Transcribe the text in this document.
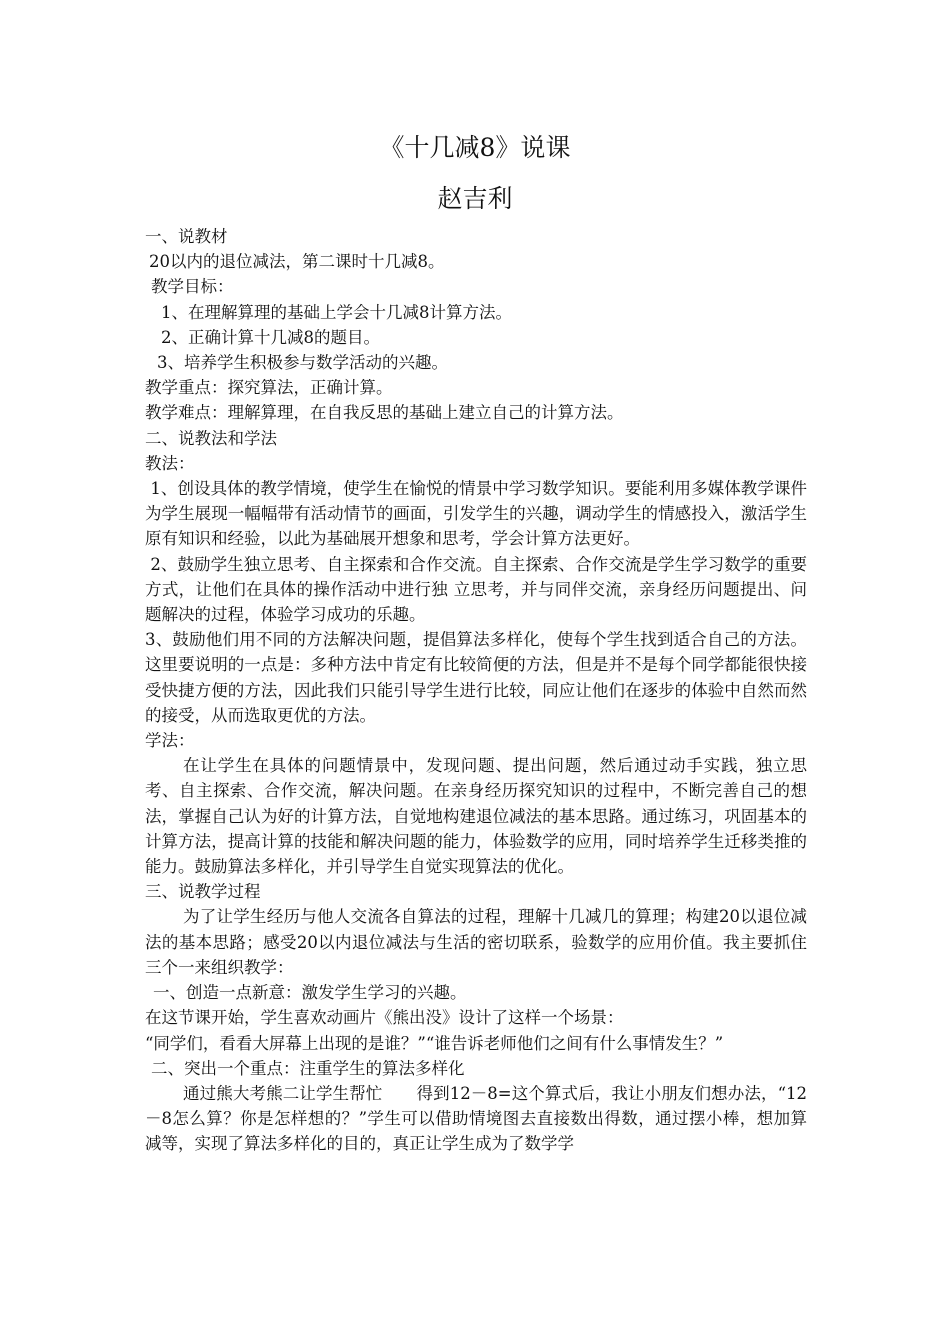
《十几减8》说课
赵吉利

一、说教材

20以内的退位减法，第二课时十几减8。

教学目标：

1、在理解算理的基础上学会十几减8计算方法。

2、正确计算十几减8的题目。

3、培养学生积极参与数学活动的兴趣。

教学重点：探究算法，正确计算。

教学难点：理解算理，在自我反思的基础上建立自己的计算方法。

二、说教法和学法

教法：

1、创设具体的教学情境，使学生在愉悦的情景中学习数学知识。要能利用多媒体教学课件为学生展现一幅幅带有活动情节的画面，引发学生的兴趣，调动学生的情感投入，激活学生原有知识和经验，以此为基础展开想象和思考，学会计算方法更好。

2、鼓励学生独立思考、自主探索和合作交流。自主探索、合作交流是学生学习数学的重要方式，让他们在具体的操作活动中进行独 立思考，并与同伴交流，亲身经历问题提出、问题解决的过程，体验学习成功的乐趣。

3、鼓励他们用不同的方法解决问题，提倡算法多样化，使每个学生找到适合自己的方法。这里要说明的一点是：多种方法中肯定有比较简便的方法，但是并不是每个同学都能很快接受快捷方便的方法，因此我们只能引导学生进行比较，同应让他们在逐步的体验中自然而然的接受，从而选取更优的方法。

学法：

在让学生在具体的问题情景中，发现问题、提出问题，然后通过动手实践，独立思考、自主探索、合作交流，解决问题。在亲身经历探究知识的过程中，不断完善自己的想法，掌握自己认为好的计算方法，自觉地构建退位减法的基本思路。通过练习，巩固基本的计算方法，提高计算的技能和解决问题的能力，体验数学的应用，同时培养学生迁移类推的能力。鼓励算法多样化，并引导学生自觉实现算法的优化。

三、说教学过程

为了让学生经历与他人交流各自算法的过程，理解十几减几的算理；构建20以退位减法的基本思路；感受20以内退位减法与生活的密切联系，验数学的应用价值。我主要抓住三个一来组织教学：

一、创造一点新意：激发学生学习的兴趣。

在这节课开始，学生喜欢动画片《熊出没》设计了这样一个场景：

“同学们，看看大屏幕上出现的是谁？”“谁告诉老师他们之间有什么事情发生？”

二、突出一个重点：注重学生的算法多样化

通过熊大考熊二让学生帮忙 得到12－8=这个算式后，我让小朋友们想办法，“12－8怎么算？你是怎样想的？”学生可以借助情境图去直接数出得数，通过摆小棒，想加算减等，实现了算法多样化的目的，真正让学生成为了数学学
